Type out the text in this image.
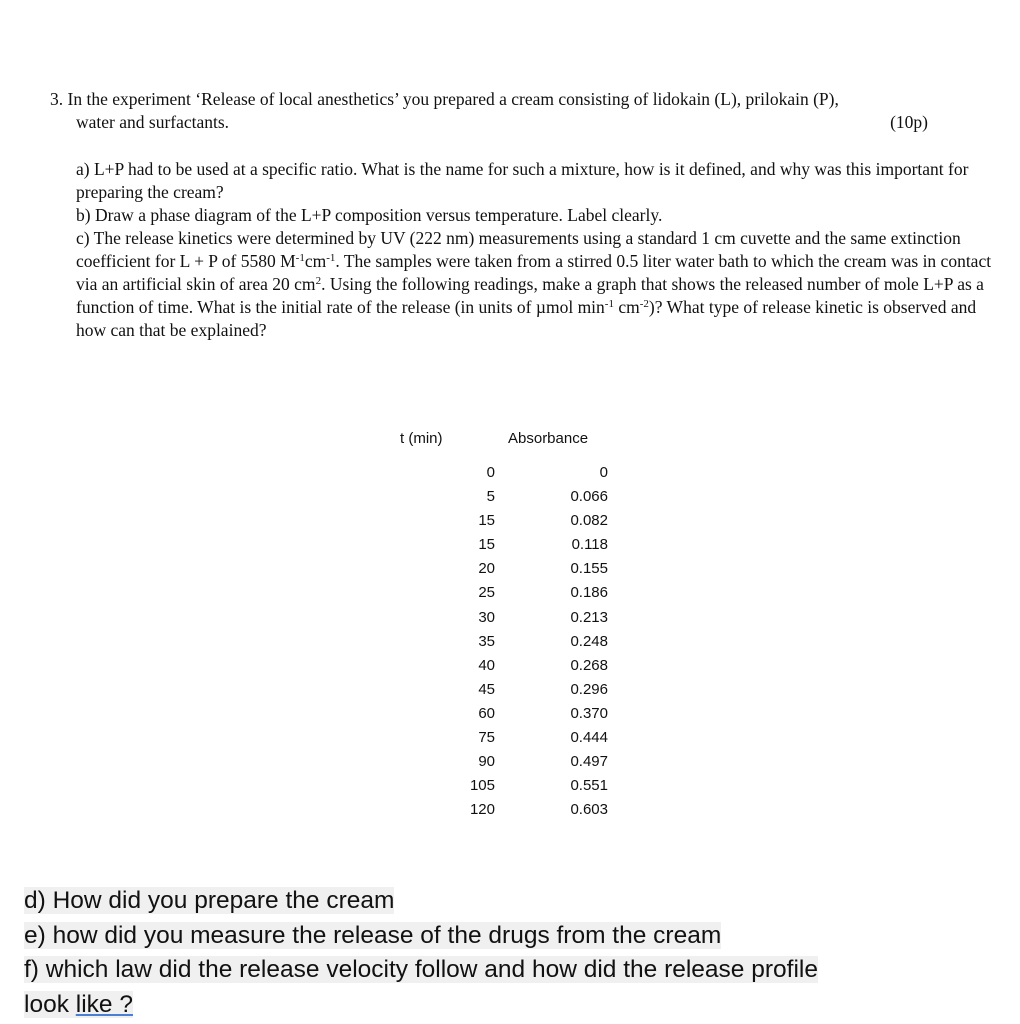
3. In the experiment ‘Release of local anesthetics’ you prepared a cream consisting of lidokain (L), prilokain (P),
water and surfactants.	(10p)

a) L+P had to be used at a specific ratio. What is the name for such a mixture, how is it defined, and why was this important for preparing the cream?

b) Draw a phase diagram of the L+P composition versus temperature. Label clearly.

c) The release kinetics were determined by UV (222 nm) measurements using a standard 1 cm cuvette and the same extinction coefficient for L + P of 5580 $M^{-1}cm^{-1}$. The samples were taken from a stirred 0.5 liter water bath to which the cream was in contact via an artificial skin of area 20 $cm^2$. Using the following readings, make a graph that shows the released number of mole L+P as a function of time. What is the initial rate of the release (in units of µmol $\min^{-1} cm^{-2}$)? What type of release kinetic is observed and how can that be explained?

t (min)	Absorbance
0	0
5	0.066
15	0.082
15	0.118
20	0.155
25	0.186
30	0.213
35	0.248
40	0.268
45	0.296
60	0.370
75	0.444
90	0.497
105	0.551
120	0.603
d) How did you prepare the cream
e) how did you measure the release of the drugs from the cream
f) which law did the release velocity follow and how did the release profile
look like ?
